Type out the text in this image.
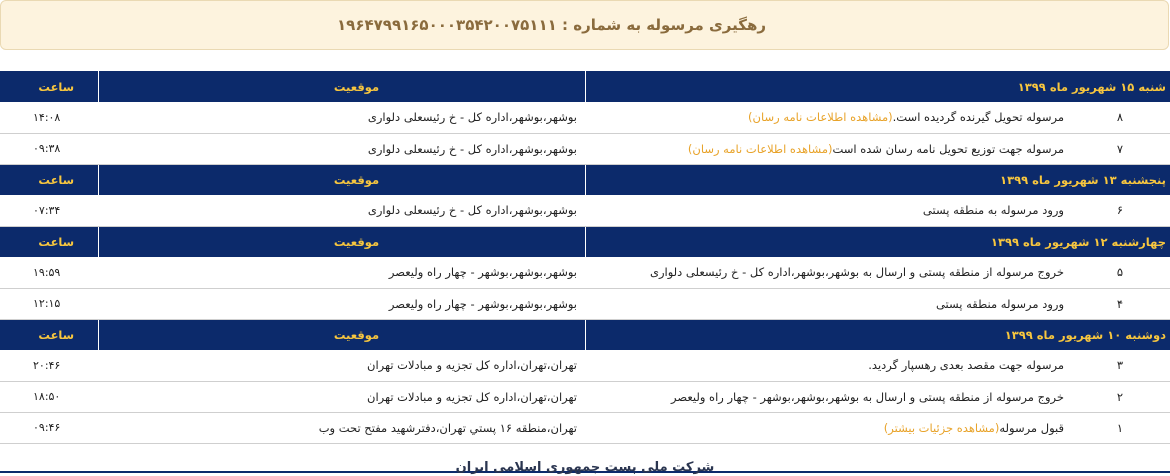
رهگیری مرسوله به شماره : ۱۹۶۴۷۹۹۱۶۵۰۰۰۳۵۴۲۰۰۷۵۱۱۱
شنبه ۱۵ شهریور ماه ۱۳۹۹	موقعیت	ساعت

۸
مرسوله تحویل گیرنده گردیده است.(مشاهده اطلاعات نامه رسان)	بوشهر،بوشهر،اداره کل - خ رئیسعلی دلواری	۱۴:۰۸

۷
مرسوله جهت توزیع تحویل نامه رسان شده است(مشاهده اطلاعات نامه رسان)	بوشهر،بوشهر،اداره کل - خ رئیسعلی دلواری	۰۹:۳۸
پنجشنبه ۱۳ شهریور ماه ۱۳۹۹	موقعیت	ساعت

۶
ورود مرسوله به منطقه پستی	بوشهر،بوشهر،اداره کل - خ رئیسعلی دلواری	۰۷:۳۴
چهارشنبه ۱۲ شهریور ماه ۱۳۹۹	موقعیت	ساعت

۵
خروج مرسوله از منطقه پستی و ارسال به بوشهر،بوشهر،اداره کل - خ رئیسعلی دلواری	بوشهر،بوشهر،بوشهر - چهار راه ولیعصر	۱۹:۵۹

۴
ورود مرسوله منطقه پستی	بوشهر،بوشهر،بوشهر - چهار راه ولیعصر	۱۲:۱۵
دوشنبه ۱۰ شهریور ماه ۱۳۹۹	موقعیت	ساعت

۳
مرسوله جهت مقصد بعدی رهسپار گردید.	تهران،تهران،اداره کل تجزیه و مبادلات تهران	۲۰:۴۶

۲
خروج مرسوله از منطقه پستی و ارسال به بوشهر،بوشهر،بوشهر - چهار راه ولیعصر	تهران،تهران،اداره کل تجزیه و مبادلات تهران	۱۸:۵۰

۱
قبول مرسوله(مشاهده جزئیات بیشتر)	تهران،منطقه ۱۶ پستي تهران،دفترشهید مفتح تحت وب	۰۹:۴۶
شرکت ملی پست جمهوری اسلامی ایران
